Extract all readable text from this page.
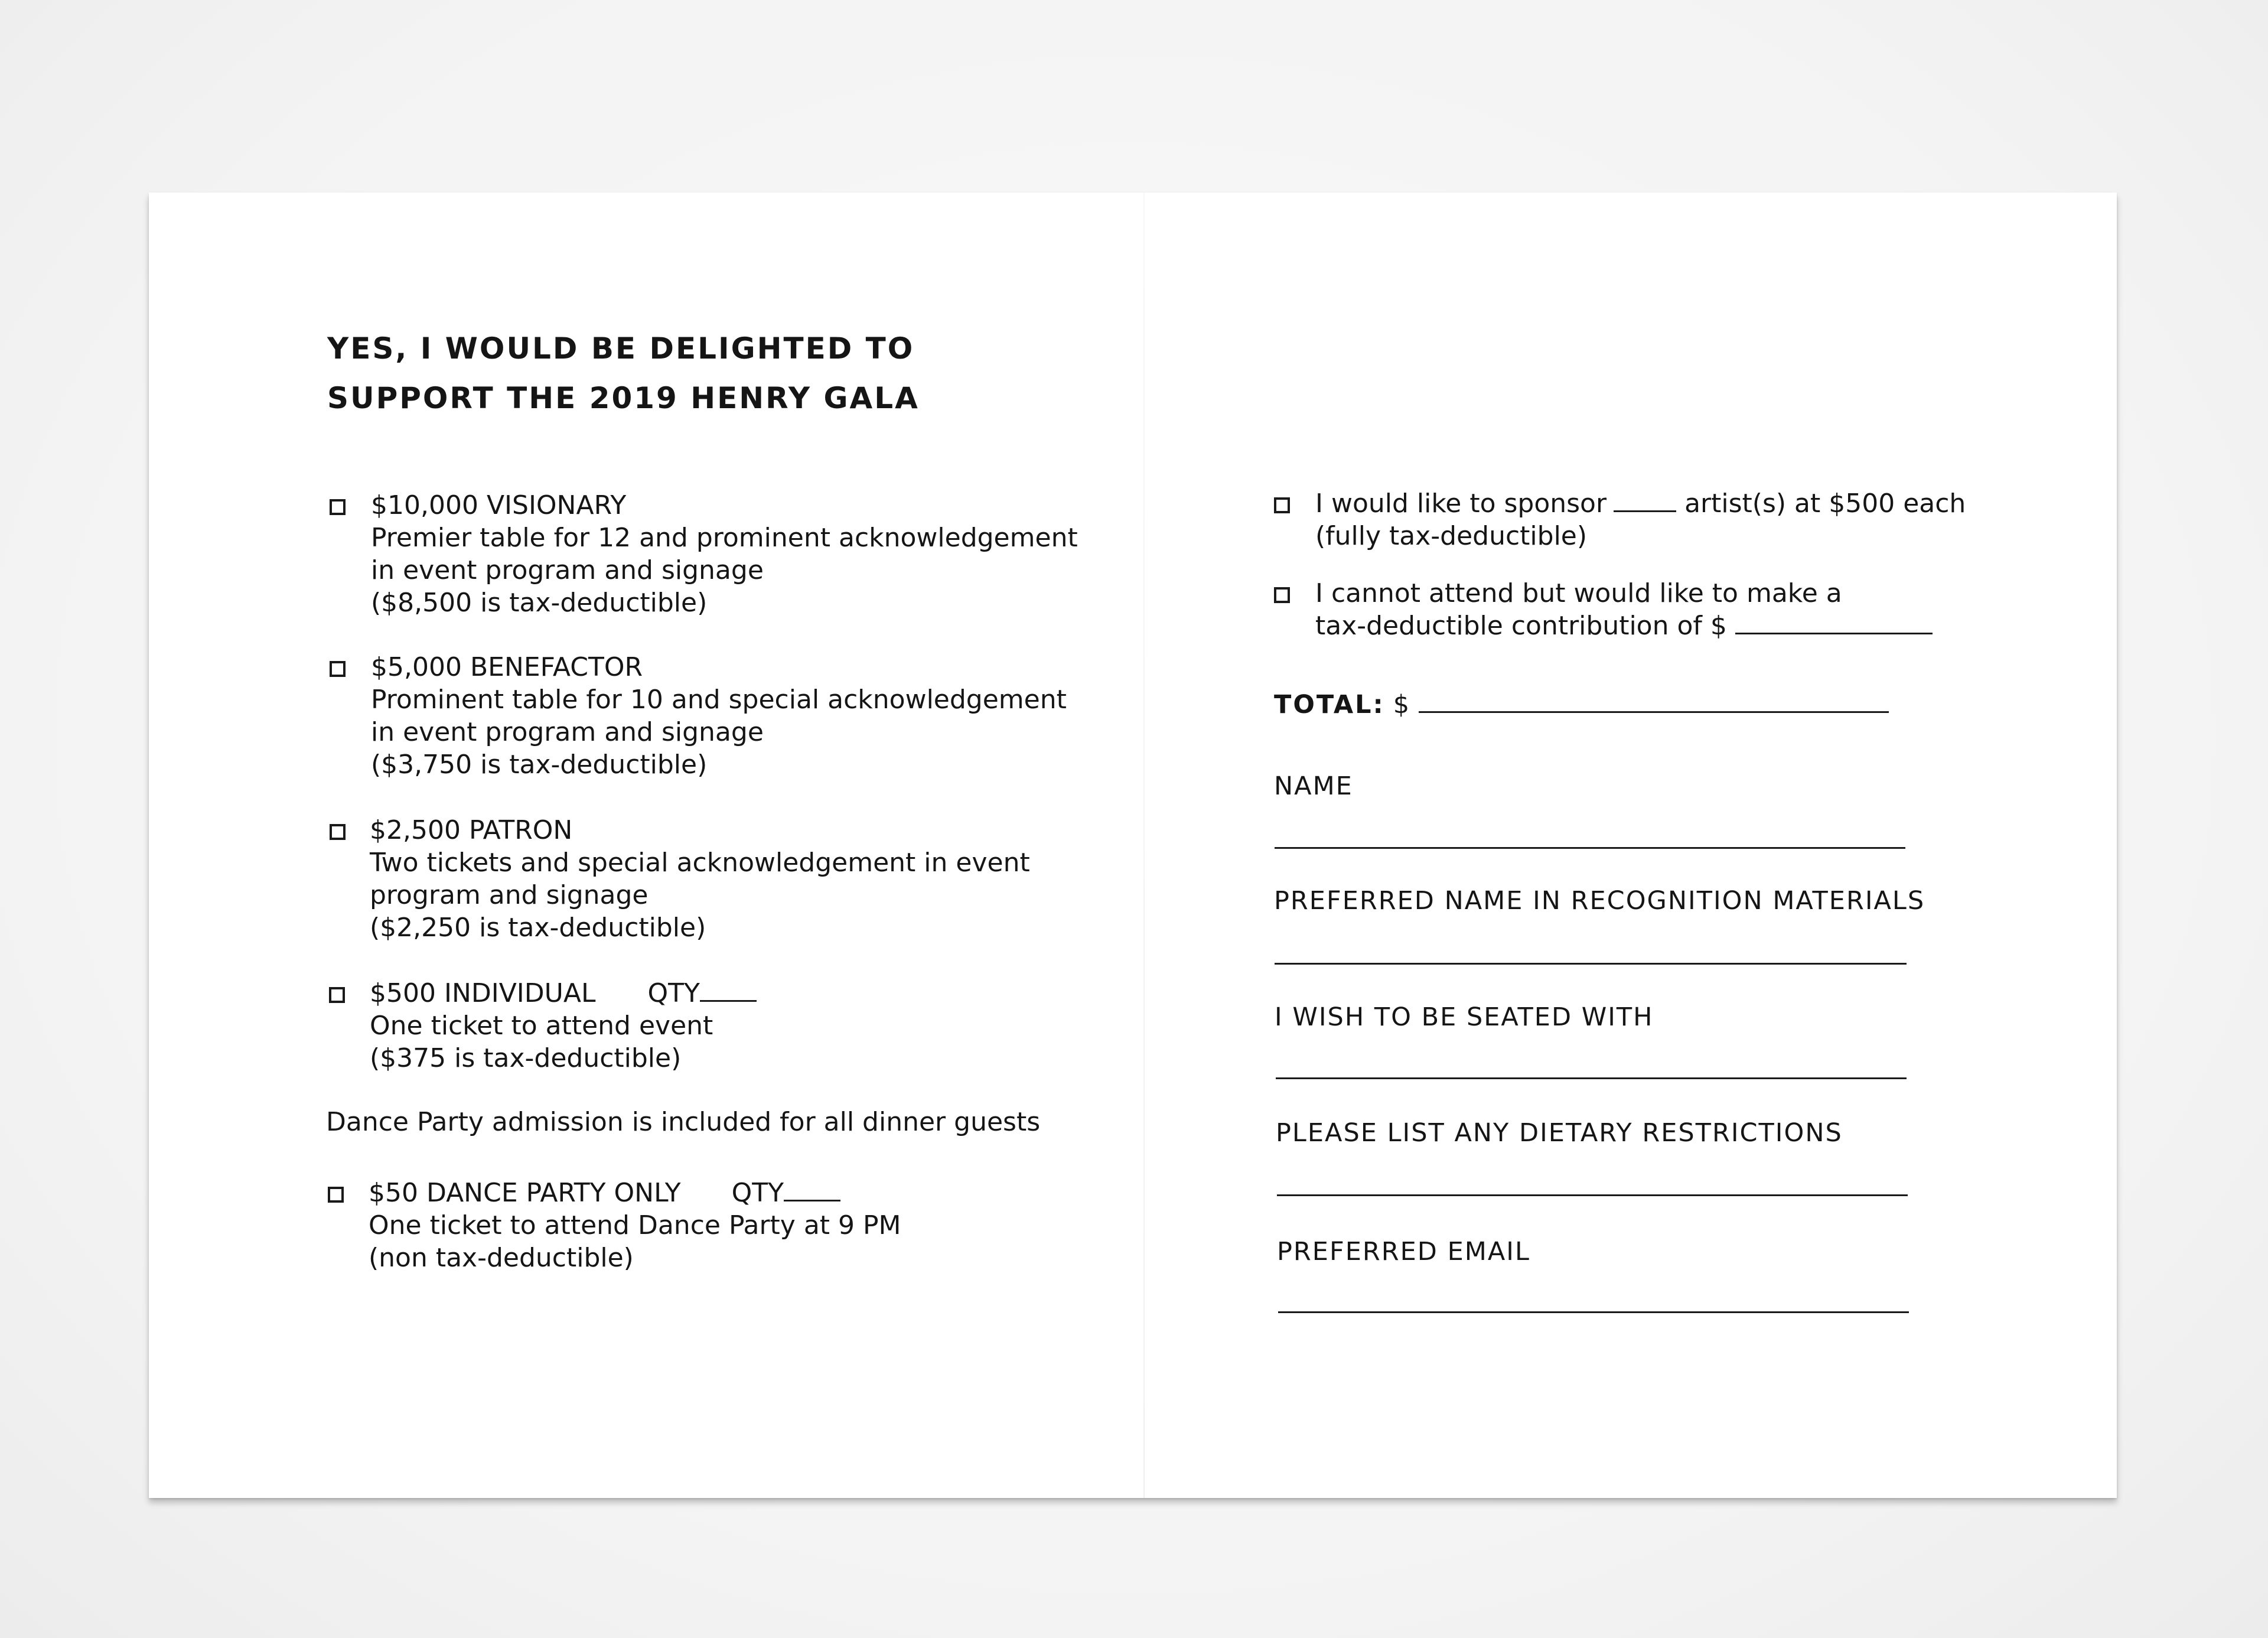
YES, I WOULD BE DELIGHTED TO
SUPPORT THE 2019 HENRY GALA
$10,000 VISIONARY
Premier table for 12 and prominent acknowledgement
in event program and signage
($8,500 is tax-deductible)
$5,000 BENEFACTOR
Prominent table for 10 and special acknowledgement
in event program and signage
($3,750 is tax-deductible)
$2,500 PATRON
Two tickets and special acknowledgement in event
program and signage
($2,250 is tax-deductible)
$500 INDIVIDUAL QTY
One ticket to attend event
($375 is tax-deductible)
Dance Party admission is included for all dinner guests
$50 DANCE PARTY ONLY QTY
One ticket to attend Dance Party at 9 PM
(non tax-deductible)
I would like to sponsor	artist(s) at $500 each
(fully tax-deductible)
I cannot attend but would like to make a
tax-deductible contribution of $
TOTAL: $
NAME
PREFERRED NAME IN RECOGNITION MATERIALS
I WISH TO BE SEATED WITH
PLEASE LIST ANY DIETARY RESTRICTIONS
PREFERRED EMAIL
